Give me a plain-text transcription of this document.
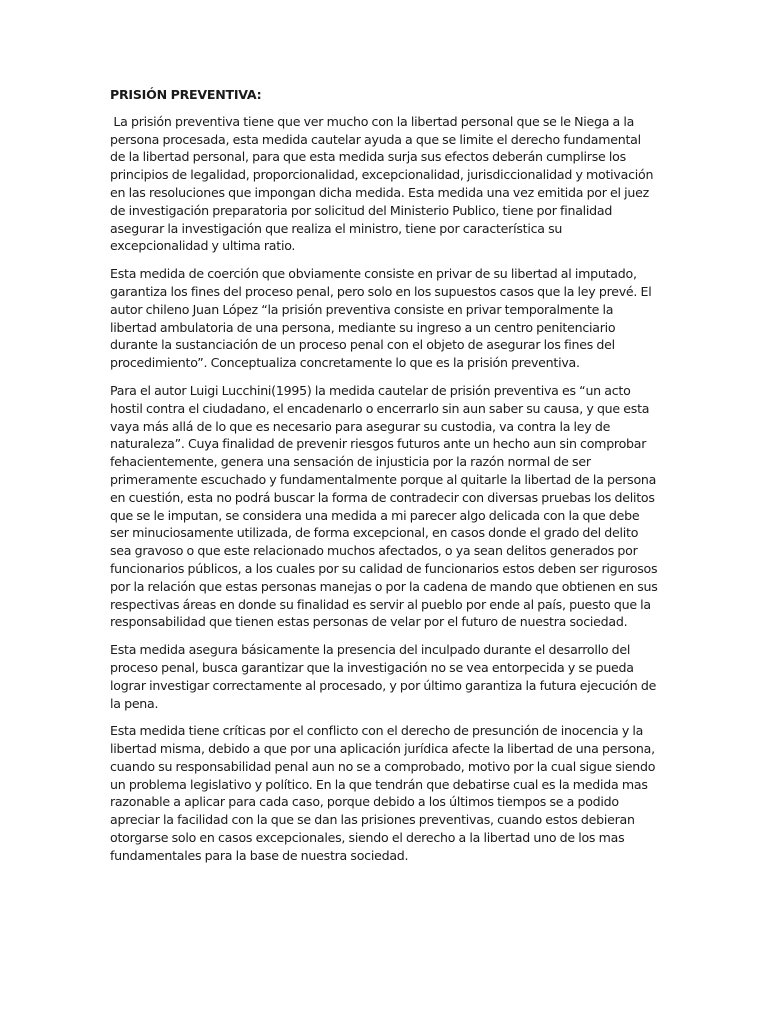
PRISIÓN PREVENTIVA:

La prisión preventiva tiene que ver mucho con la libertad personal que se le Niega a la persona procesada, esta medida cautelar ayuda a que se limite el derecho fundamental de la libertad personal, para que esta medida surja sus efectos deberán cumplirse los principios de legalidad, proporcionalidad, excepcionalidad, jurisdiccionalidad y motivación en las resoluciones que impongan dicha medida. Esta medida una vez emitida por el juez de investigación preparatoria por solicitud del Ministerio Publico, tiene por finalidad asegurar la investigación que realiza el ministro, tiene por característica su excepcionalidad y ultima ratio.

Esta medida de coerción que obviamente consiste en privar de su libertad al imputado, garantiza los fines del proceso penal, pero solo en los supuestos casos que la ley prevé. El autor chileno Juan López “la prisión preventiva consiste en privar temporalmente la libertad ambulatoria de una persona, mediante su ingreso a un centro penitenciario durante la sustanciación de un proceso penal con el objeto de asegurar los fines del procedimiento”. Conceptualiza concretamente lo que es la prisión preventiva.

Para el autor Luigi Lucchini(1995) la medida cautelar de prisión preventiva es “un acto hostil contra el ciudadano, el encadenarlo o encerrarlo sin aun saber su causa, y que esta vaya más allá de lo que es necesario para asegurar su custodia, va contra la ley de naturaleza”. Cuya finalidad de prevenir riesgos futuros ante un hecho aun sin comprobar fehacientemente, genera una sensación de injusticia por la razón normal de ser primeramente escuchado y fundamentalmente porque al quitarle la libertad de la persona en cuestión, esta no podrá buscar la forma de contradecir con diversas pruebas los delitos que se le imputan, se considera una medida a mi parecer algo delicada con la que debe ser minuciosamente utilizada, de forma excepcional, en casos donde el grado del delito sea gravoso o que este relacionado muchos afectados, o ya sean delitos generados por funcionarios públicos, a los cuales por su calidad de funcionarios estos deben ser rigurosos por la relación que estas personas manejas o por la cadena de mando que obtienen en sus respectivas áreas en donde su finalidad es servir al pueblo por ende al país, puesto que la responsabilidad que tienen estas personas de velar por el futuro de nuestra sociedad.

Esta medida asegura básicamente la presencia del inculpado durante el desarrollo del proceso penal, busca garantizar que la investigación no se vea entorpecida y se pueda lograr investigar correctamente al procesado, y por último garantiza la futura ejecución de la pena.

Esta medida tiene críticas por el conflicto con el derecho de presunción de inocencia y la libertad misma, debido a que por una aplicación jurídica afecte la libertad de una persona, cuando su responsabilidad penal aun no se a comprobado, motivo por la cual sigue siendo un problema legislativo y político. En la que tendrán que debatirse cual es la medida mas razonable a aplicar para cada caso, porque debido a los últimos tiempos se a podido apreciar la facilidad con la que se dan las prisiones preventivas, cuando estos debieran otorgarse solo en casos excepcionales, siendo el derecho a la libertad uno de los mas fundamentales para la base de nuestra sociedad.
